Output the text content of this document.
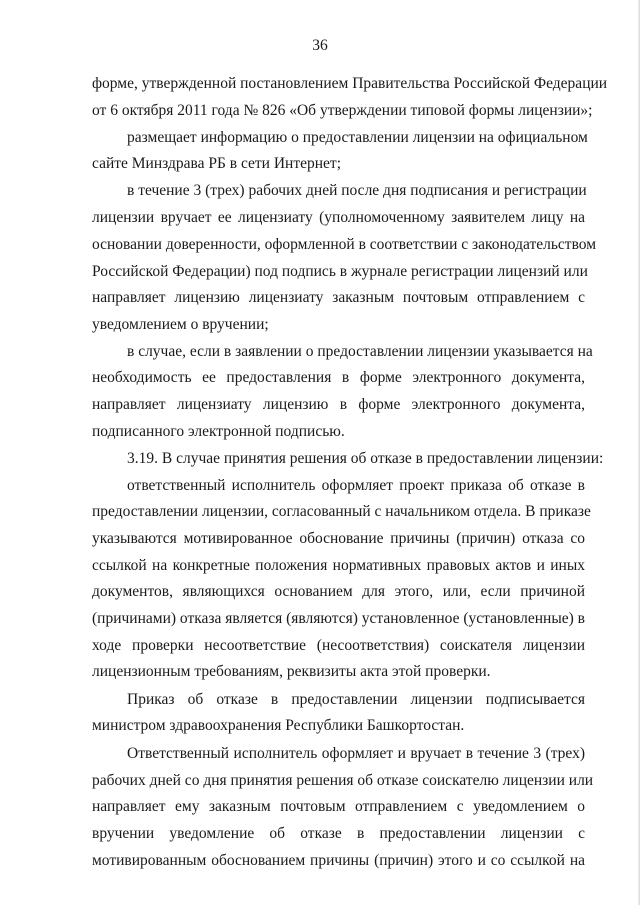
36
форме, утвержденной постановлением Правительства Российской Федерации
от 6 октября 2011 года № 826 «Об утверждении типовой формы лицензии»;
размещает информацию о предоставлении лицензии на официальном
сайте Минздрава РБ в сети Интернет;
в течение 3 (трех) рабочих дней после дня подписания и регистрации
лицензии вручает ее лицензиату (уполномоченному заявителем лицу на
основании доверенности, оформленной в соответствии с законодательством
Российской Федерации) под подпись в журнале регистрации лицензий или
направляет лицензию лицензиату заказным почтовым отправлением с
уведомлением о вручении;
в случае, если в заявлении о предоставлении лицензии указывается на
необходимость ее предоставления в форме электронного документа,
направляет лицензиату лицензию в форме электронного документа,
подписанного электронной подписью.
3.19. В случае принятия решения об отказе в предоставлении лицензии:
ответственный исполнитель оформляет проект приказа об отказе в
предоставлении лицензии, согласованный с начальником отдела. В приказе
указываются мотивированное обоснование причины (причин) отказа со
ссылкой на конкретные положения нормативных правовых актов и иных
документов, являющихся основанием для этого, или, если причиной
(причинами) отказа является (являются) установленное (установленные) в
ходе проверки несоответствие (несоответствия) соискателя лицензии
лицензионным требованиям, реквизиты акта этой проверки.
Приказ об отказе в предоставлении лицензии подписывается
министром здравоохранения Республики Башкортостан.
Ответственный исполнитель оформляет и вручает в течение 3 (трех)
рабочих дней со дня принятия решения об отказе соискателю лицензии или
направляет ему заказным почтовым отправлением с уведомлением о
вручении уведомление об отказе в предоставлении лицензии с
мотивированным обоснованием причины (причин) этого и со ссылкой на
